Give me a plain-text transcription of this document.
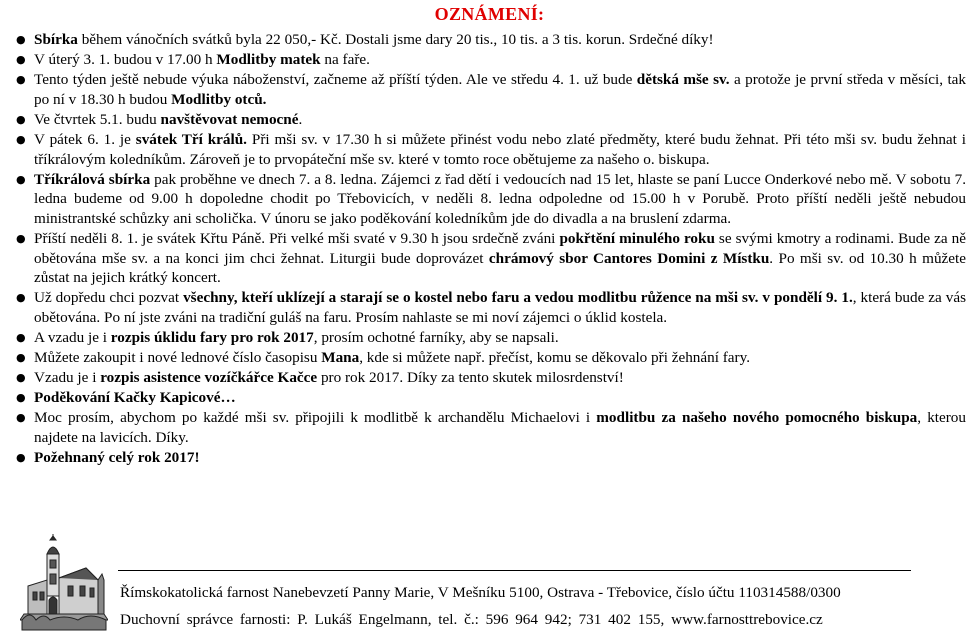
OZNÁMENÍ:
● Sbírka během vánočních svátků byla 22 050,- Kč. Dostali jsme dary 20 tis., 10 tis. a 3 tis. korun. Srdečné díky!
● V úterý 3. 1. budou v 17.00 h Modlitby matek na faře.
● Tento týden ještě nebude výuka náboženství, začneme až příští týden. Ale ve středu 4. 1. už bude dětská mše sv. a protože je první středa v měsíci, tak po ní v 18.30 h budou Modlitby otců.
● Ve čtvrtek 5.1. budu navštěvovat nemocné.
● V pátek 6. 1. je svátek Tří králů. Při mši sv. v 17.30 h si můžete přinést vodu nebo zlaté předměty, které budu žehnat. Při této mši sv. budu žehnat i tříkrálovým koledníkům. Zároveň je to prvopáteční mše sv. které v tomto roce obětujeme za našeho o. biskupa.
● Tříkrálová sbírka pak proběhne ve dnech 7. a 8. ledna. Zájemci z řad dětí i vedoucích nad 15 let, hlaste se paní Lucce Onderkové nebo mě. V sobotu 7. ledna budeme od 9.00 h dopoledne chodit po Třebovicích, v neděli 8. ledna odpoledne od 15.00 h v Porubě. Proto příští neděli ještě nebudou ministrantské schůzky ani scholička. V únoru se jako poděkování koledníkům jde do divadla a na bruslení zdarma.
● Příští neděli 8. 1. je svátek Křtu Páně. Při velké mši svaté v 9.30 h jsou srdečně zváni pokřtění minulého roku se svými kmotry a rodinami. Bude za ně obětována mše sv. a na konci jim chci žehnat. Liturgii bude doprovázet chrámový sbor Cantores Domini z Místku. Po mši sv. od 10.30 h můžete zůstat na jejich krátký koncert.
● Už dopředu chci pozvat všechny, kteří uklízejí a starají se o kostel nebo faru a vedou modlitbu růžence na mši sv. v pondělí 9. 1., která bude za vás obětována. Po ní jste zváni na tradiční guláš na faru. Prosím nahlaste se mi noví zájemci o úklid kostela.
● A vzadu je i rozpis úklidu fary pro rok 2017, prosím ochotné farníky, aby se napsali.
● Můžete zakoupit i nové lednové číslo časopisu Mana, kde si můžete např. přečíst, komu se děkovalo při žehnání fary.
● Vzadu je i rozpis asistence vozíčkářce Kačce pro rok 2017. Díky za tento skutek milosrdenství!
● Poděkování Kačky Kapicové…
● Moc prosím, abychom po každé mši sv. připojili k modlitbě k archandělu Michaelovi i modlitbu za našeho nového pomocného biskupa, kterou najdete na lavicích. Díky.
● Požehnaný celý rok 2017!
Římskokatolická farnost Nanebevzetí Panny Marie, V Mešníku 5100, Ostrava - Třebovice, číslo účtu 110314588/0300
Duchovní správce farnosti: P. Lukáš Engelmann, tel. č.: 596 964 942; 731 402 155, www.farnosttrebovice.cz
